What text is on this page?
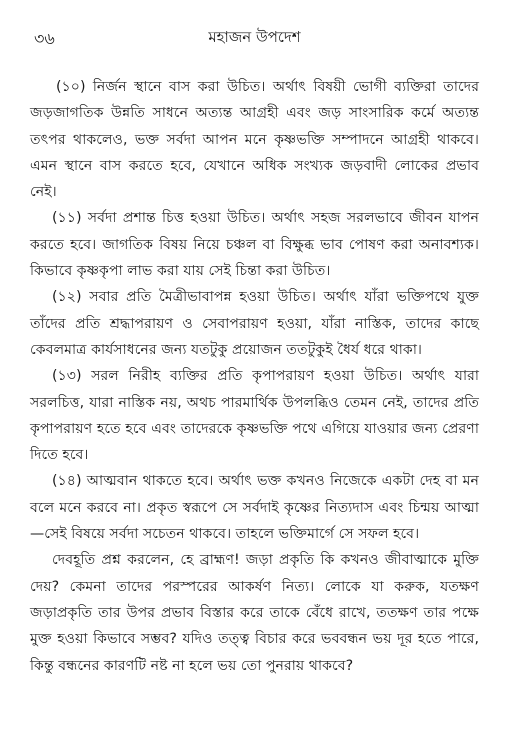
৩৬	মহাজন উপদেশ

(১০) নির্জন স্থানে বাস করা উচিত। অর্থাৎ বিষয়ী ভোগী ব্যক্তিরা তাদের জড়জাগতিক উন্নতি সাধনে অত্যন্ত আগ্রহী এবং জড় সাংসারিক কর্মে অত্যন্ত তৎপর থাকলেও, ভক্ত সর্বদা আপন মনে কৃষ্ণভক্তি সম্পাদনে আগ্রহী থাকবে। এমন স্থানে বাস করতে হবে, যেখানে অধিক সংখ্যক জড়বাদী লোকের প্রভাব নেই।

(১১) সর্বদা প্রশান্ত চিত্ত হওয়া উচিত। অর্থাৎ সহজ সরলভাবে জীবন যাপন করতে হবে। জাগতিক বিষয় নিয়ে চঞ্চল বা বিক্ষুব্ধ ভাব পোষণ করা অনাবশ্যক। কিভাবে কৃষ্ণকৃপা লাভ করা যায় সেই চিন্তা করা উচিত।

(১২) সবার প্রতি মৈত্রীভাবাপন্ন হওয়া উচিত। অর্থাৎ যাঁরা ভক্তিপথে যুক্ত তাঁদের প্রতি শ্রদ্ধাপরায়ণ ও সেবাপরায়ণ হওয়া, যাঁরা নাস্তিক, তাদের কাছে কেবলমাত্র কার্যসাধনের জন্য যতটুকু প্রয়োজন ততটুকুই ধৈর্য ধরে থাকা।

(১৩) সরল নিরীহ ব্যক্তির প্রতি কৃপাপরায়ণ হওয়া উচিত। অর্থাৎ যারা সরলচিত্ত, যারা নাস্তিক নয়, অথচ পারমার্থিক উপলব্ধিও তেমন নেই, তাদের প্রতি কৃপাপরায়ণ হতে হবে এবং তাদেরকে কৃষ্ণভক্তি পথে এগিয়ে যাওয়ার জন্য প্রেরণা দিতে হবে।

(১৪) আত্মবান থাকতে হবে। অর্থাৎ ভক্ত কখনও নিজেকে একটা দেহ বা মন বলে মনে করবে না। প্রকৃত স্বরূপে সে সর্বদাই কৃষ্ণের নিত্যদাস এবং চিন্ময় আত্মা—সেই বিষয়ে সর্বদা সচেতন থাকবে। তাহলে ভক্তিমার্গে সে সফল হবে।

দেবহূতি প্রশ্ন করলেন, হে ব্রাহ্মণ! জড়া প্রকৃতি কি কখনও জীবাত্মাকে মুক্তি দেয়? কেমনা তাদের পরস্পরের আকর্ষণ নিত্য। লোকে যা করুক, যতক্ষণ জড়াপ্রকৃতি তার উপর প্রভাব বিস্তার করে তাকে বেঁধে রাখে, ততক্ষণ তার পক্ষে মুক্ত হওয়া কিভাবে সম্ভব? যদিও তত্ত্ব বিচার করে ভববন্ধন ভয় দূর হতে পারে, কিন্তু বন্ধনের কারণটি নষ্ট না হলে ভয় তো পুনরায় থাকবে?
